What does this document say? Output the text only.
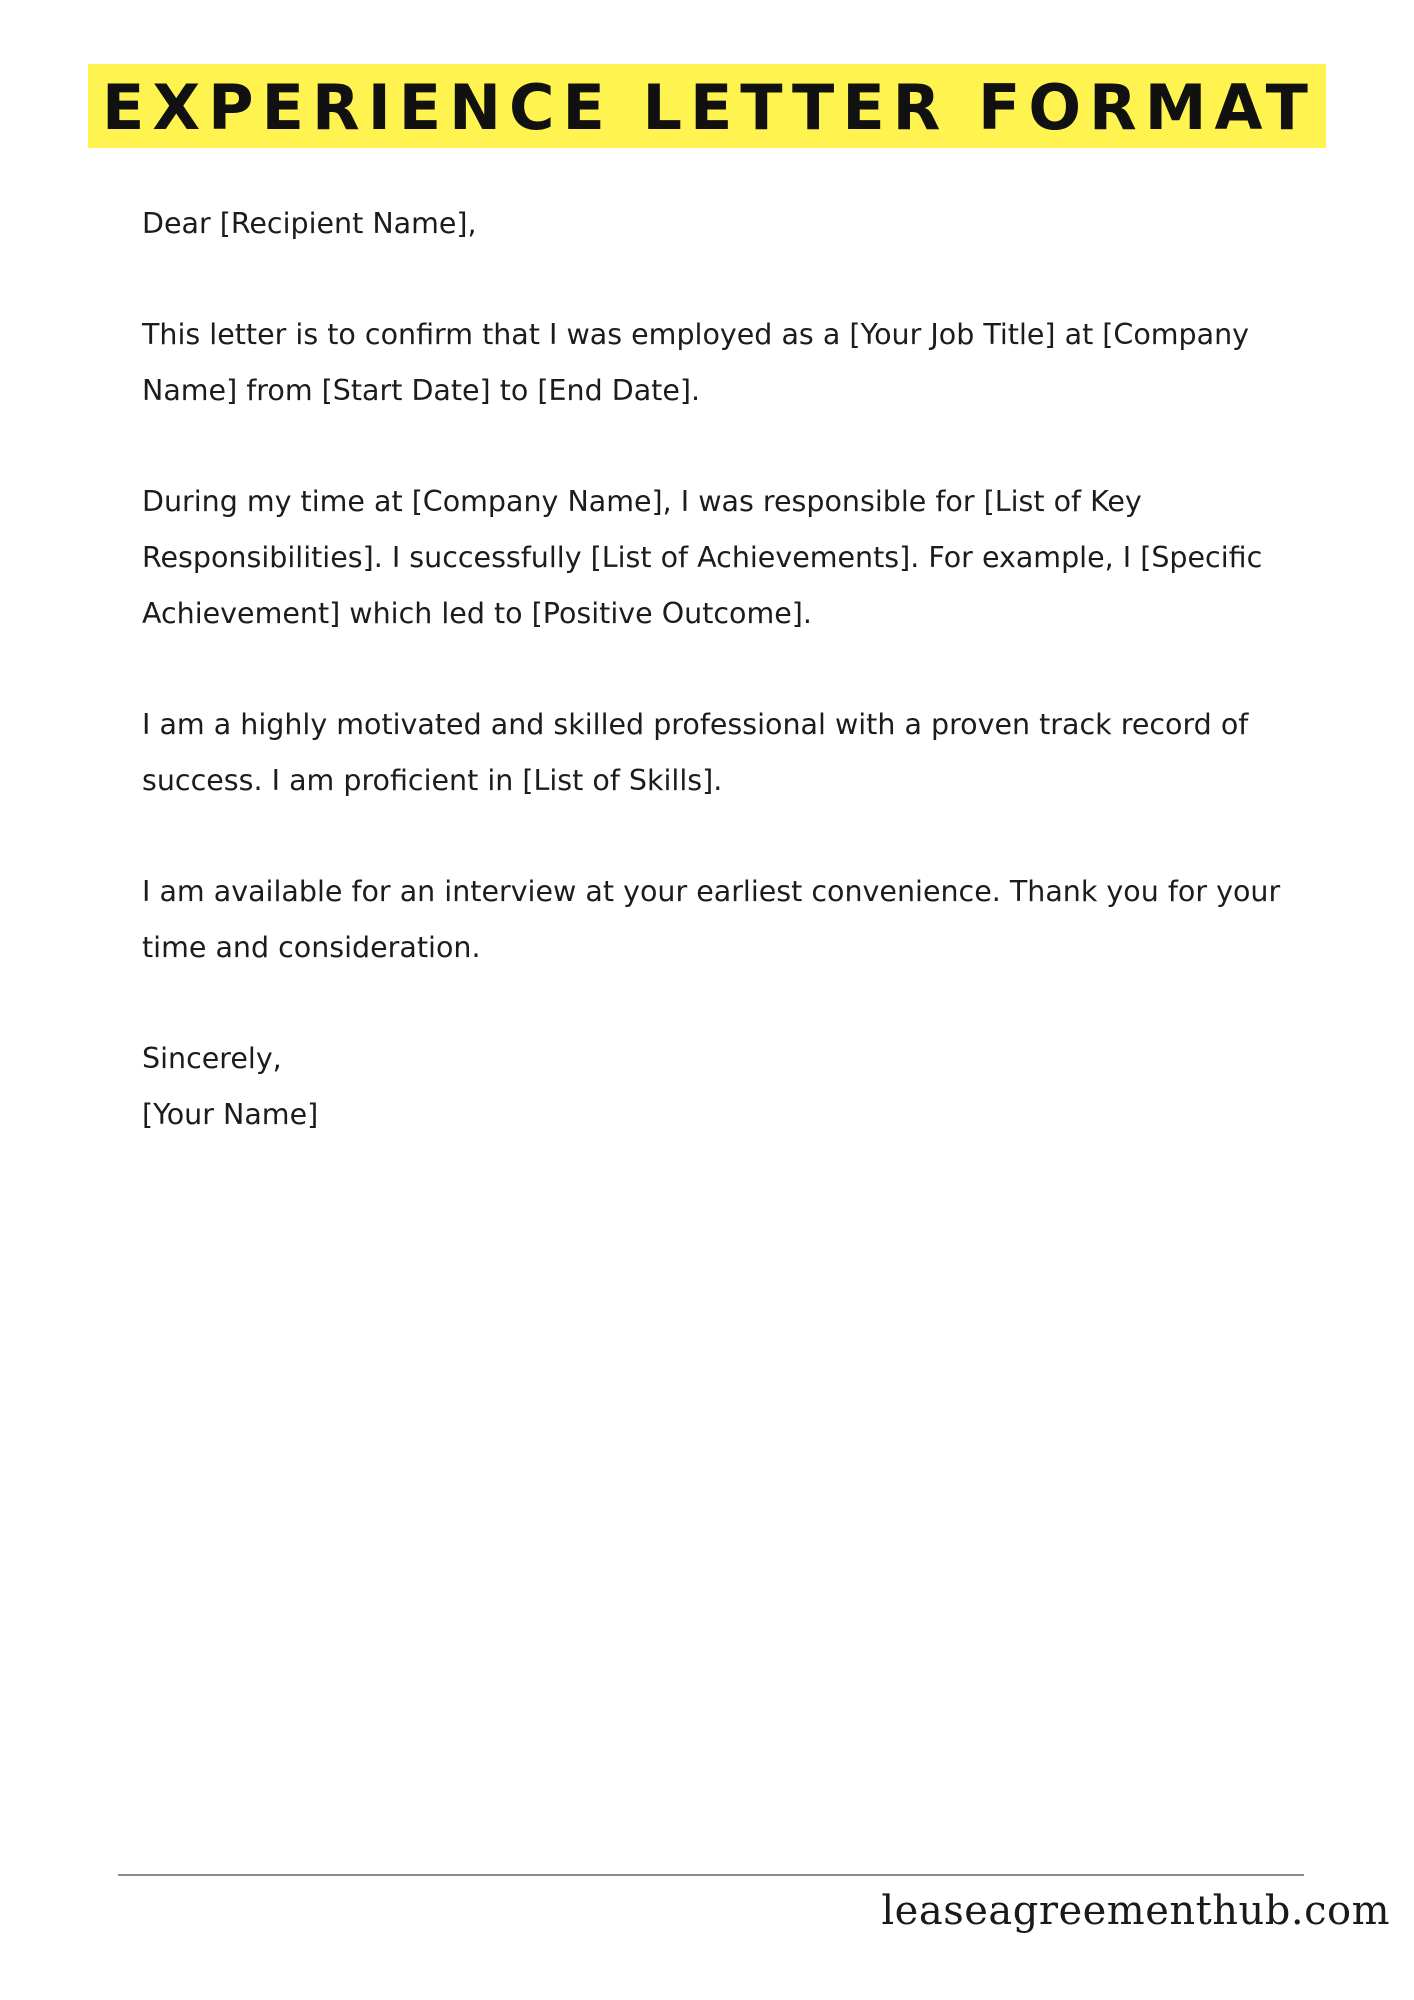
EXPERIENCE LETTER FORMAT

Dear [Recipient Name],

This letter is to confirm that I was employed as a [Your Job Title] at [Company Name] from [Start Date] to [End Date].

During my time at [Company Name], I was responsible for [List of Key Responsibilities]. I successfully [List of Achievements]. For example, I [Specific Achievement] which led to [Positive Outcome].

I am a highly motivated and skilled professional with a proven track record of success. I am proficient in [List of Skills].

I am available for an interview at your earliest convenience. Thank you for your time and consideration.

Sincerely,

[Your Name]

leaseagreementhub.com
